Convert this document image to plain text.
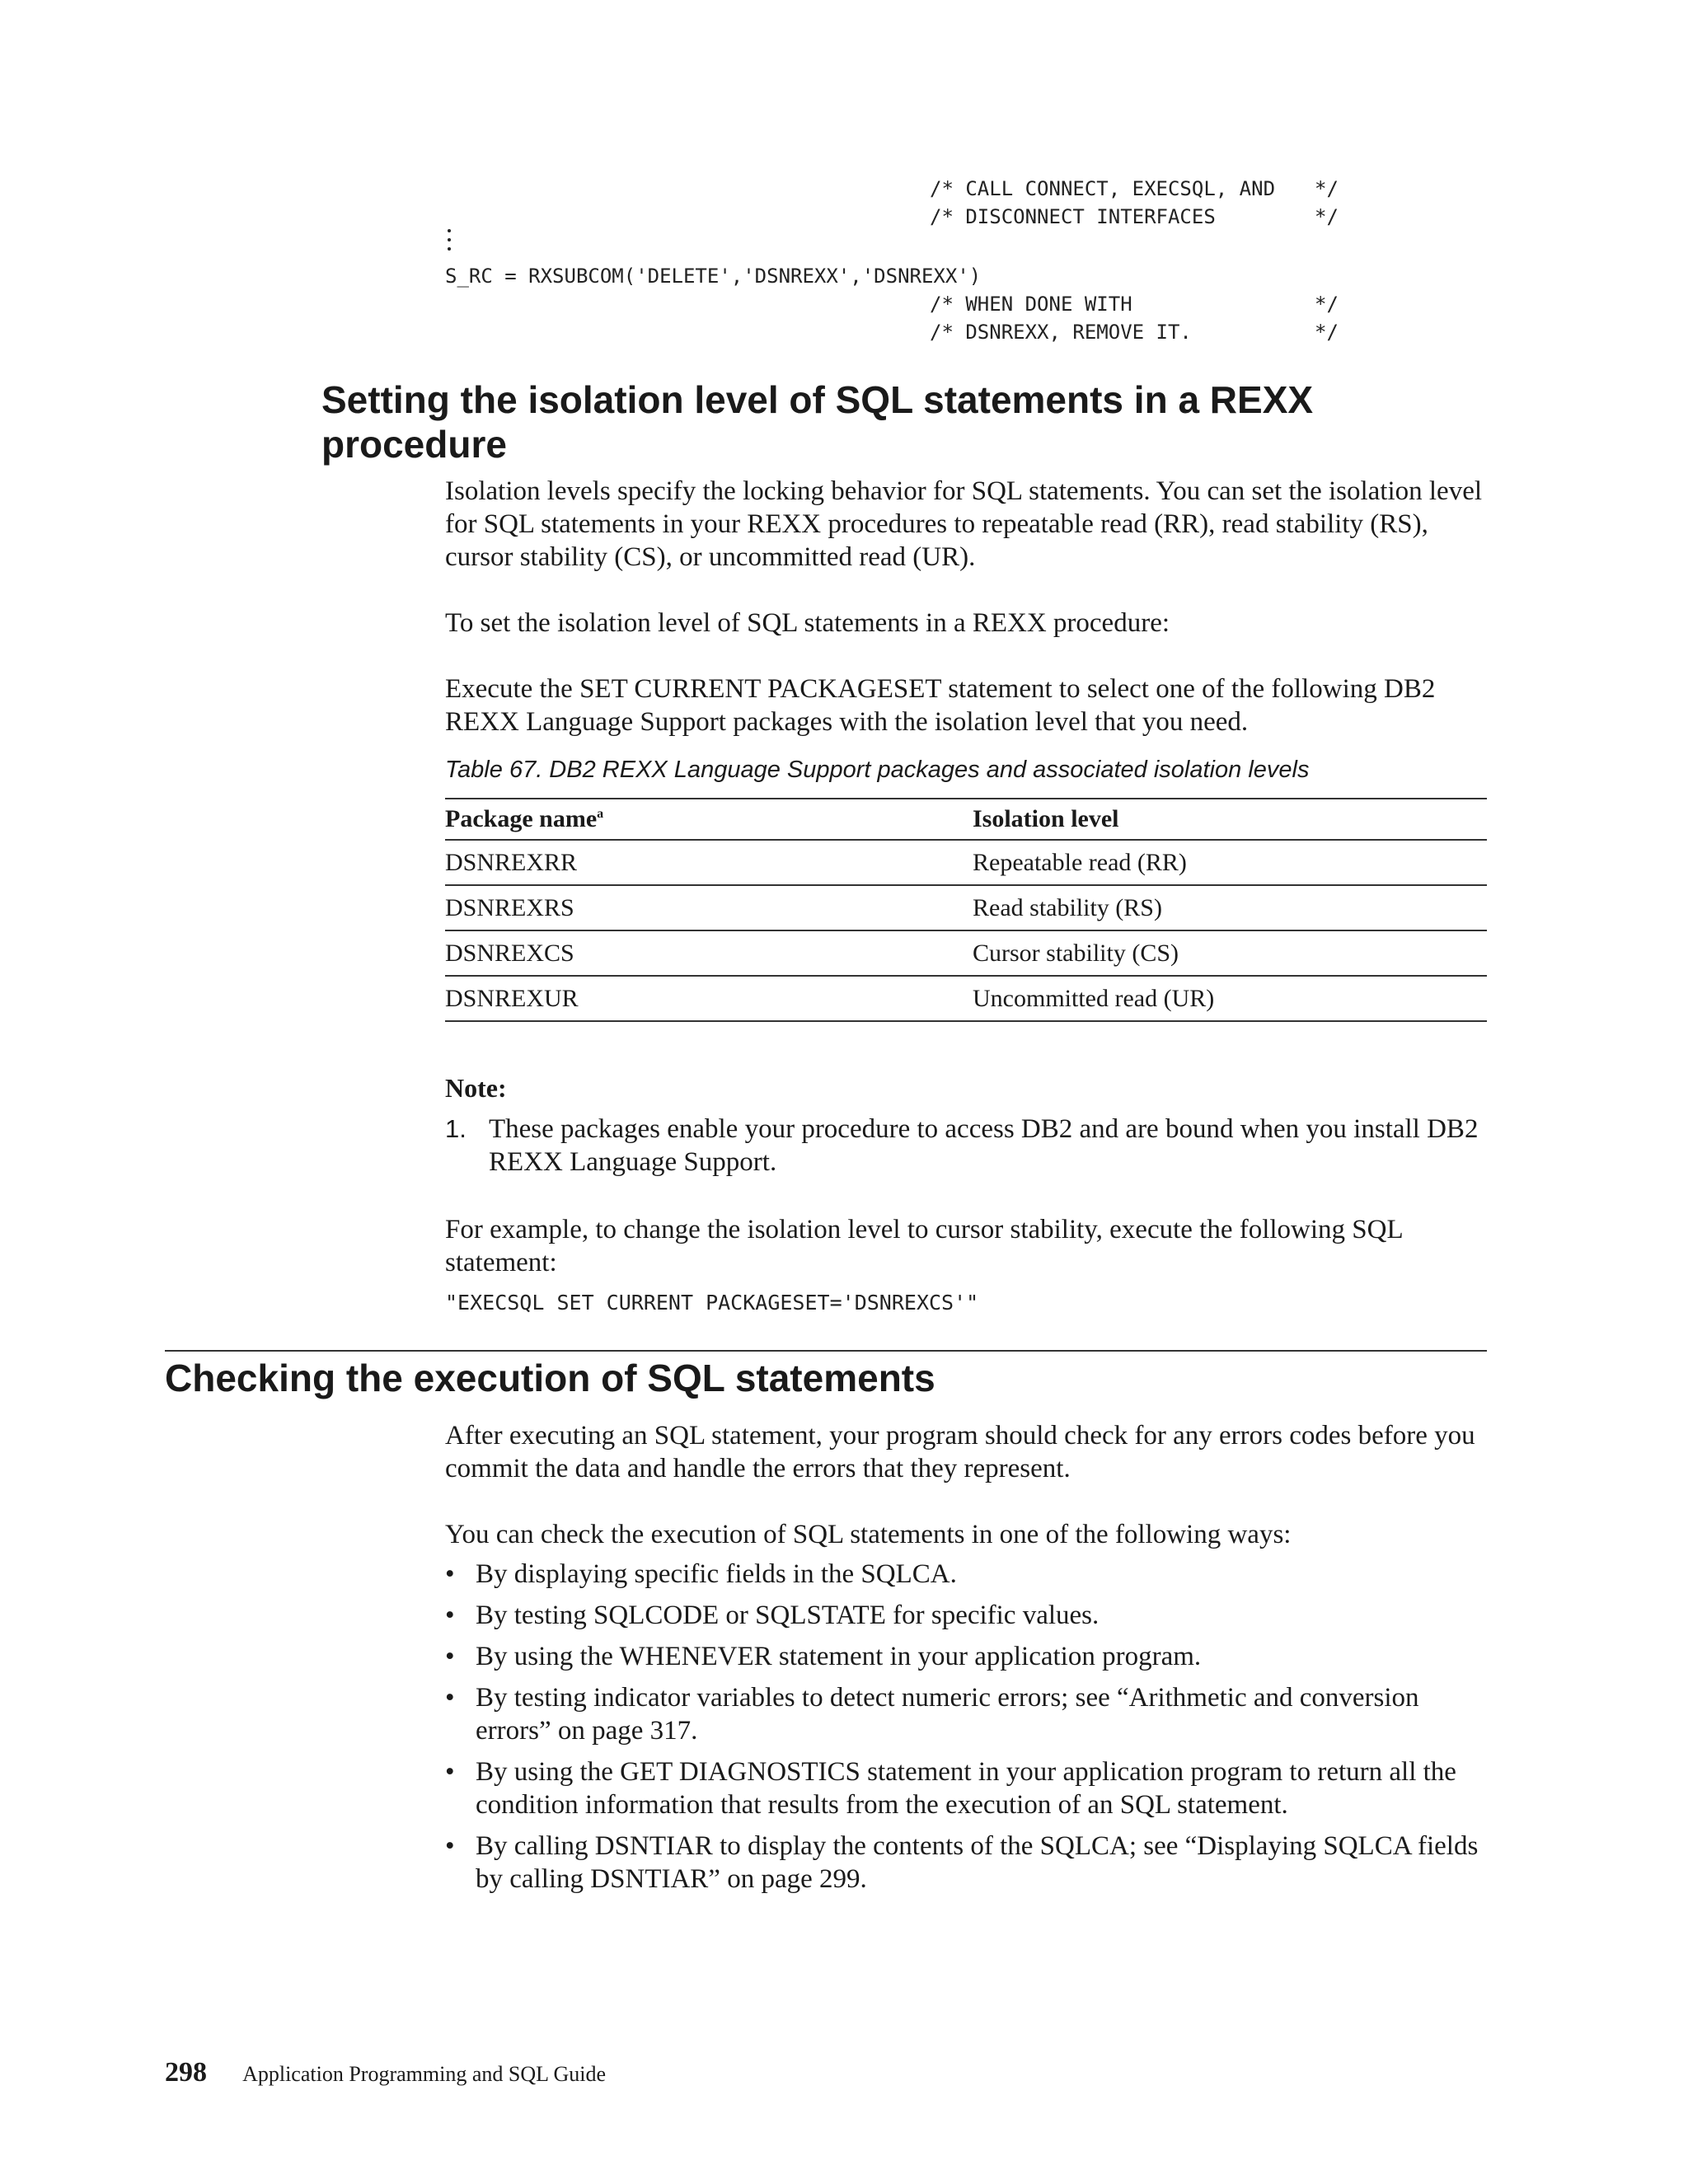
/* CALL CONNECT, EXECSQL, AND */
/* DISCONNECT INTERFACES	*/
S_RC = RXSUBCOM('DELETE','DSNREXX','DSNREXX')
/* WHEN DONE WITH	*/
/* DSNREXX, REMOVE IT.	*/
Setting the isolation level of SQL statements in a REXX
procedure

Isolation levels specify the locking behavior for SQL statements. You can set the isolation level for SQL statements in your REXX procedures to repeatable read (RR), read stability (RS), cursor stability (CS), or uncommitted read (UR).

To set the isolation level of SQL statements in a REXX procedure:

Execute the SET CURRENT PACKAGESET statement to select one of the following DB2 REXX Language Support packages with the isolation level that you need.

Table 67. DB2 REXX Language Support packages and associated isolation levels
Package name$^a$	Isolation level
DSNREXRR	Repeatable read (RR)
DSNREXRS	Read stability (RS)
DSNREXCS	Cursor stability (CS)
DSNREXUR	Uncommitted read (UR)
Note:
1. These packages enable your procedure to access DB2 and are bound when you install DB2 REXX Language Support.

For example, to change the isolation level to cursor stability, execute the following SQL statement:

"EXECSQL SET CURRENT PACKAGESET='DSNREXCS'"
Checking the execution of SQL statements

After executing an SQL statement, your program should check for any errors codes before you commit the data and handle the errors that they represent.

You can check the execution of SQL statements in one of the following ways:

• By displaying specific fields in the SQLCA.
• By testing SQLCODE or SQLSTATE for specific values.
• By using the WHENEVER statement in your application program.
• By testing indicator variables to detect numeric errors; see “Arithmetic and conversion errors” on page 317.
• By using the GET DIAGNOSTICS statement in your application program to return all the condition information that results from the execution of an SQL statement.
• By calling DSNTIAR to display the contents of the SQLCA; see “Displaying SQLCA fields by calling DSNTIAR” on page 299.
298 Application Programming and SQL Guide
